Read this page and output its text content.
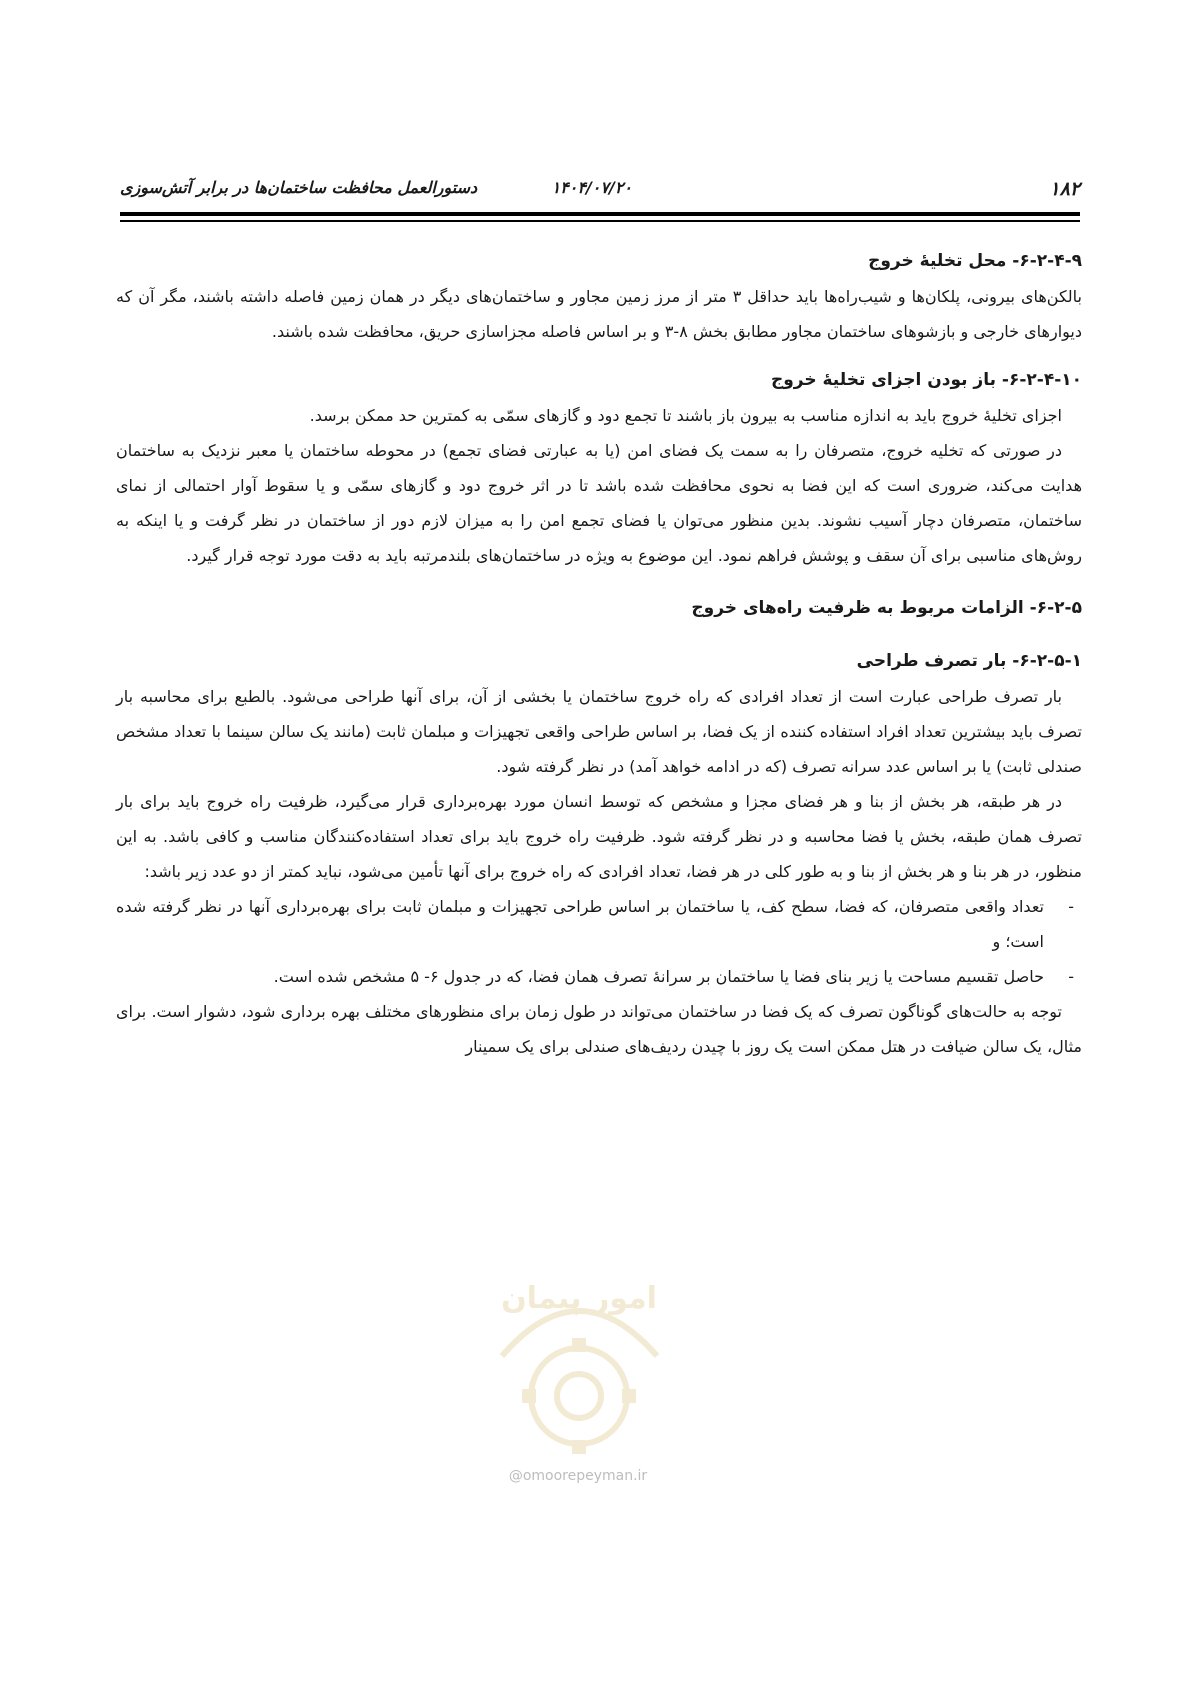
۱۸۲
۱۴۰۴/۰۷/۲۰
دستورالعمل محافظت ساختمان‌ها در برابر آتش‌سوزی
۶-۲-۴-۹- محل تخلیۀ خروج

بالکن‌های بیرونی، پلکان‌ها و شیب‌راه‌ها باید حداقل ۳ متر از مرز زمین مجاور و ساختمان‌های دیگر در همان زمین فاصله داشته باشند، مگر آن که دیوارهای خارجی و بازشوهای ساختمان مجاور مطابق بخش ۸-۳ و بر اساس فاصله مجزاسازی حریق، محافظت شده باشند.

۶-۲-۴-۱۰- باز بودن اجزای تخلیۀ خروج

اجزای تخلیۀ خروج باید به اندازه مناسب به بیرون باز باشند تا تجمع دود و گازهای سمّی به کمترین حد ممکن برسد.

در صورتی که تخلیه خروج، متصرفان را به سمت یک فضای امن (یا به عبارتی فضای تجمع) در محوطه ساختمان یا معبر نزدیک به ساختمان هدایت می‌کند، ضروری است که این فضا به نحوی محافظت شده باشد تا در اثر خروج دود و گازهای سمّی و یا سقوط آوار احتمالی از نمای ساختمان، متصرفان دچار آسیب نشوند. بدین منظور می‌توان یا فضای تجمع امن را به میزان لازم دور از ساختمان در نظر گرفت و یا اینکه به روش‌های مناسبی برای آن سقف و پوشش فراهم نمود. این موضوع به ویژه در ساختمان‌های بلندمرتبه باید به دقت مورد توجه قرار گیرد.

۶-۲-۵- الزامات مربوط به ظرفیت راه‌های خروج
۶-۲-۵-۱- بار تصرف طراحی

بار تصرف طراحی عبارت است از تعداد افرادی که راه خروج ساختمان یا بخشی از آن، برای آنها طراحی می‌شود. بالطبع برای محاسبه بار تصرف باید بیشترین تعداد افراد استفاده کننده از یک فضا، بر اساس طراحی واقعی تجهیزات و مبلمان ثابت (مانند یک سالن سینما با تعداد مشخص صندلی ثابت) یا بر اساس عدد سرانه تصرف (که در ادامه خواهد آمد) در نظر گرفته شود.

در هر طبقه، هر بخش از بنا و هر فضای مجزا و مشخص که توسط انسان مورد بهره‌برداری قرار می‌گیرد، ظرفیت راه خروج باید برای بار تصرف همان طبقه، بخش یا فضا محاسبه و در نظر گرفته شود. ظرفیت راه خروج باید برای تعداد استفاده‌کنندگان مناسب و کافی باشد. به این منظور، در هر بنا و هر بخش از بنا و به طور کلی در هر فضا، تعداد افرادی که راه خروج برای آنها تأمین می‌شود، نباید کمتر از دو عدد زیر باشد:

-
تعداد واقعی متصرفان، که فضا، سطح کف، یا ساختمان بر اساس طراحی تجهیزات و مبلمان ثابت برای بهره‌برداری آنها در نظر گرفته شده است؛ و
-
حاصل تقسیم مساحت یا زیر بنای فضا یا ساختمان بر سرانۀ تصرف همان فضا، که در جدول ۶- ۵ مشخص شده است.

توجه به حالت‌های گوناگون تصرف که یک فضا در ساختمان می‌تواند در طول زمان برای منظورهای مختلف بهره برداری شود، دشوار است. برای مثال، یک سالن ضیافت در هتل ممکن است یک روز با چیدن ردیف‌های صندلی برای یک سمینار

امور پیمان
@omoorepeyman.ir
